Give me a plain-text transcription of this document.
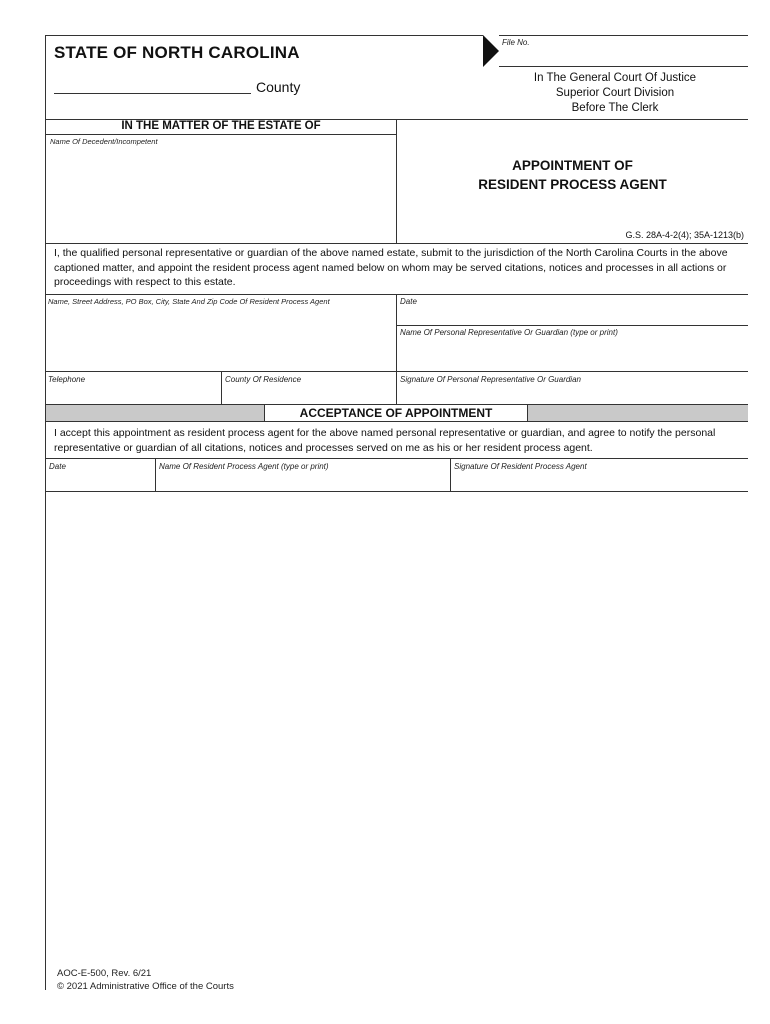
File No.
STATE OF NORTH CAROLINA
County
In The General Court Of Justice
Superior Court Division
Before The Clerk
IN THE MATTER OF THE ESTATE OF
Name Of Decedent/Incompetent
APPOINTMENT OF
RESIDENT PROCESS AGENT
G.S. 28A-4-2(4); 35A-1213(b)
I, the qualified personal representative or guardian of the above named estate, submit to the jurisdiction of the North Carolina Courts in the above captioned matter, and appoint the resident process agent named below on whom may be served citations, notices and processes in all actions or proceedings with respect to this estate.
Name, Street Address, PO Box, City, State And Zip Code Of Resident Process Agent	Date
Name Of Personal Representative Or Guardian (type or print)
Telephone	County Of Residence	Signature Of Personal Representative Or Guardian
ACCEPTANCE OF APPOINTMENT
I accept this appointment as resident process agent for the above named personal representative or guardian, and agree to notify the personal representative or guardian of all citations, notices and processes served on me as his or her resident process agent.
Date	Name Of Resident Process Agent (type or print)	Signature Of Resident Process Agent
AOC-E-500, Rev. 6/21
© 2021 Administrative Office of the Courts
